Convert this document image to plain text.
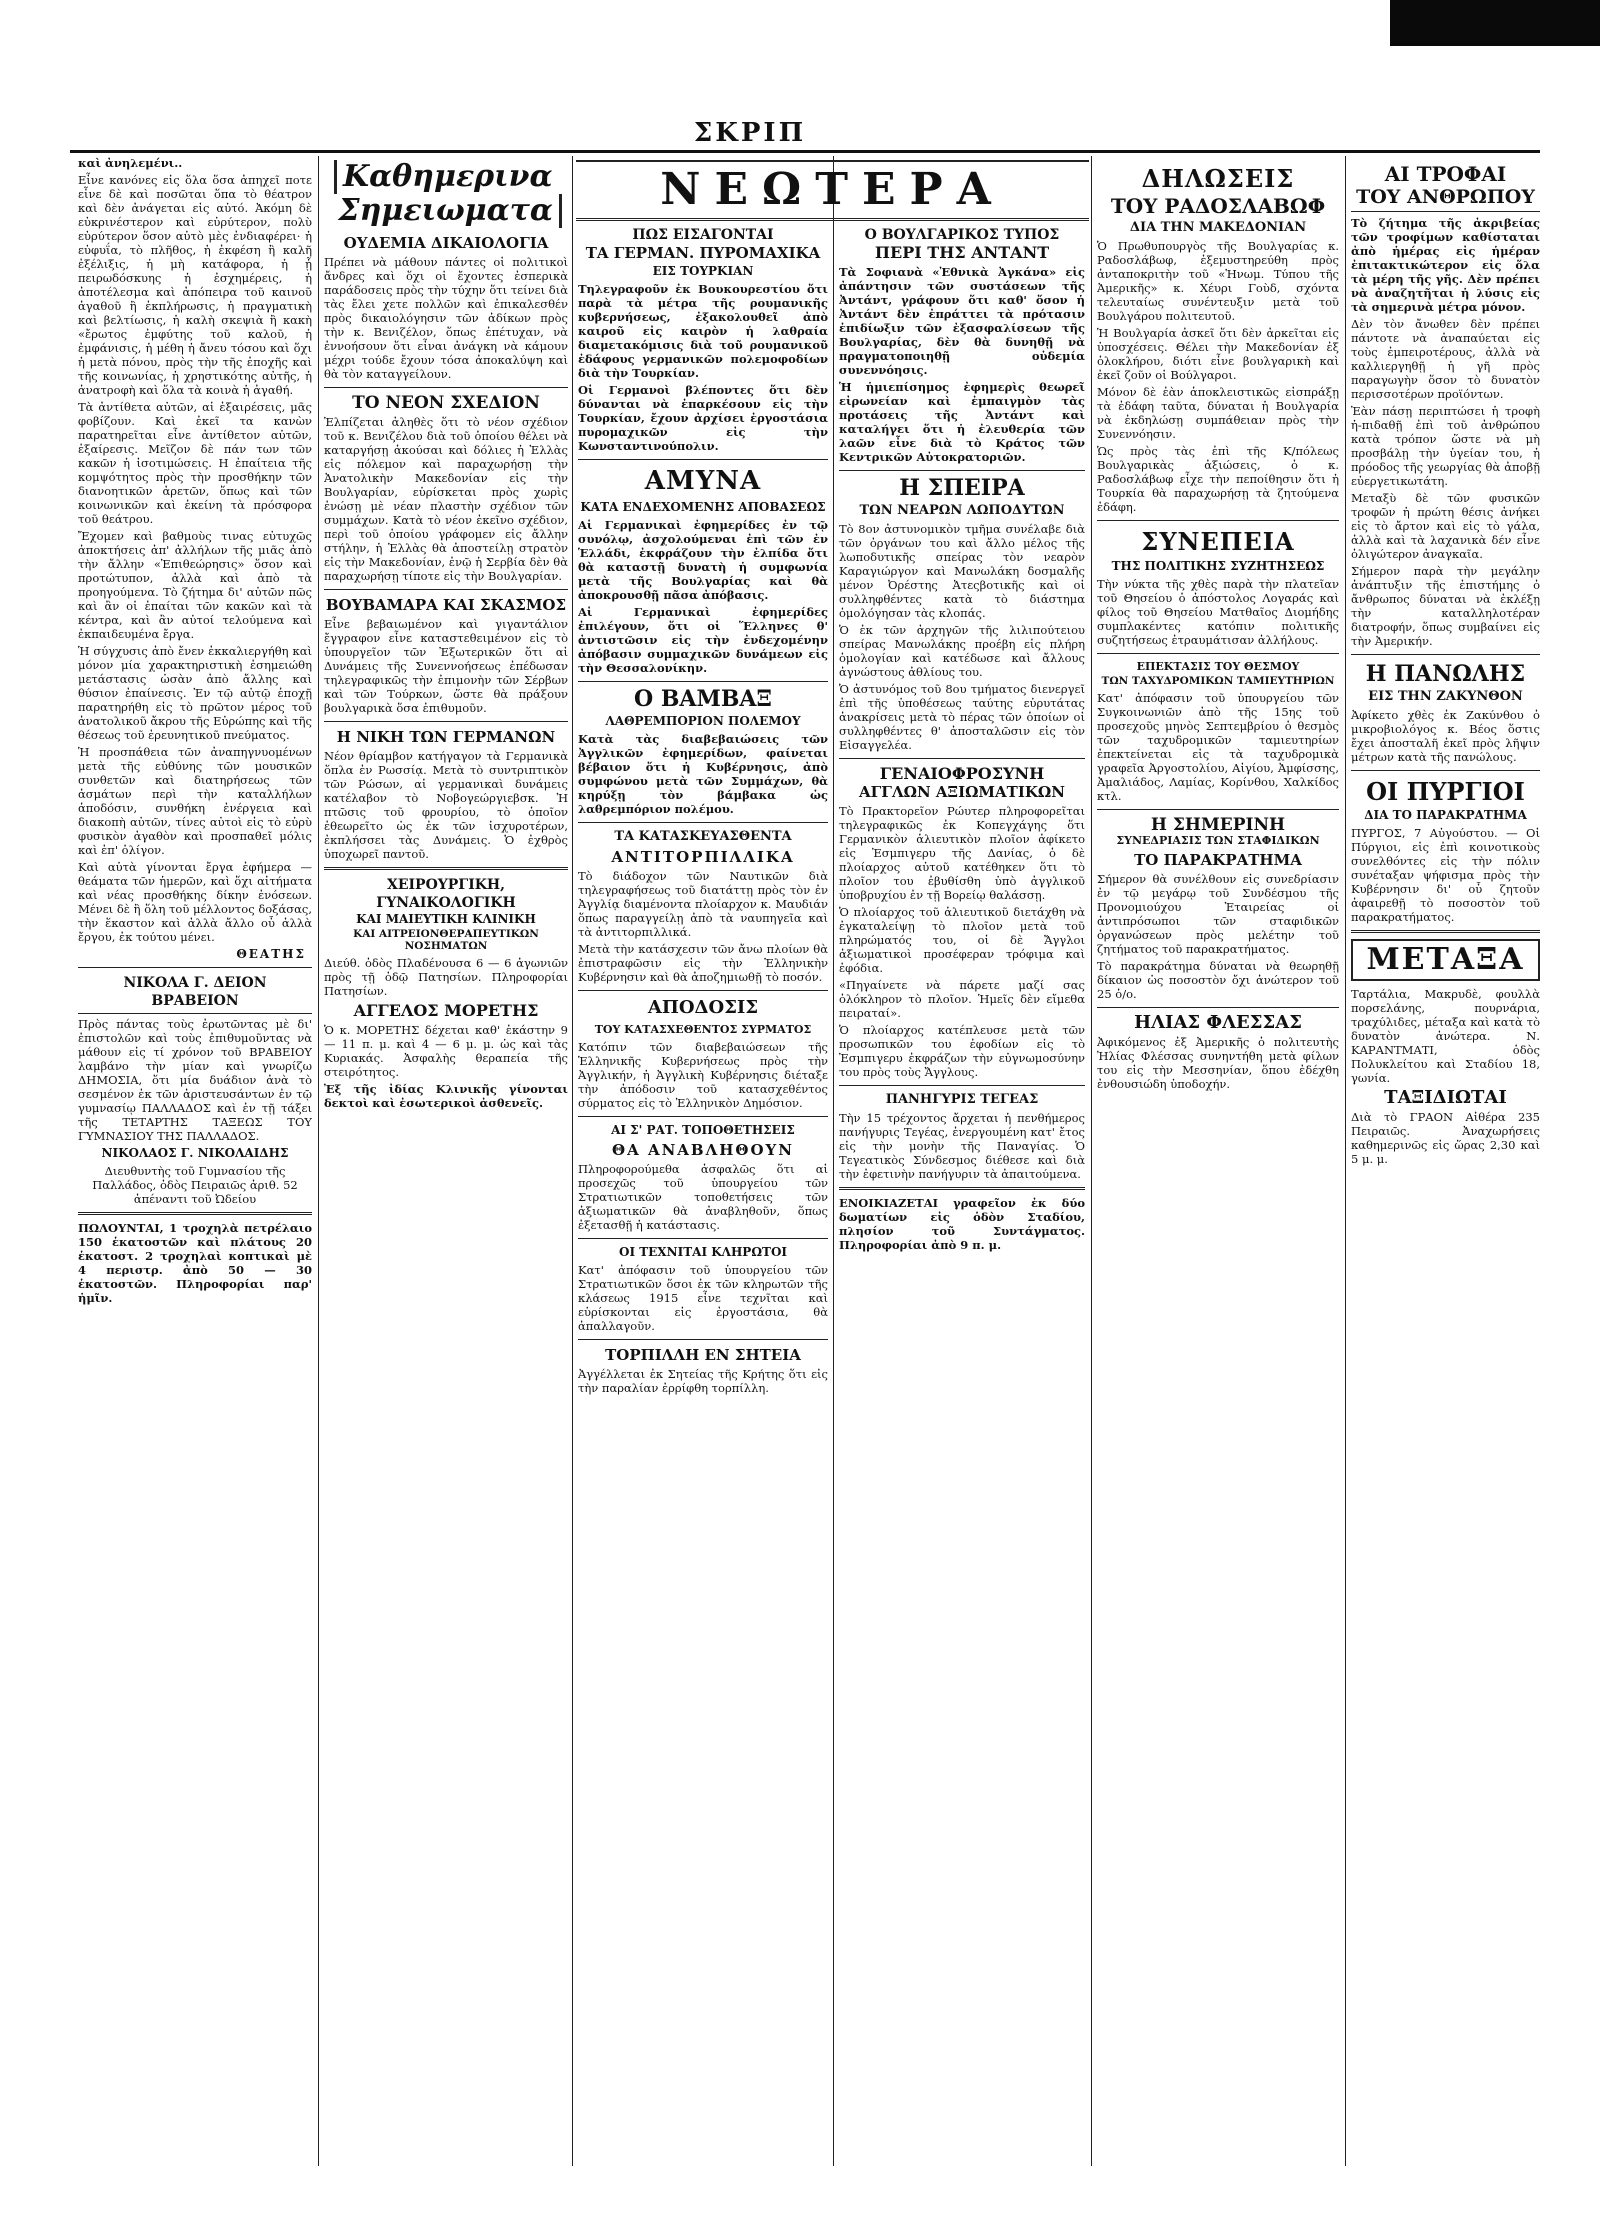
ΣΚΡΙΠ
καὶ ἀνηλεμένι..

Εἶνε κανόνες εἰς ὅλα ὅσα ἀπηχεῖ ποτε εἶνε δὲ καὶ ποσῶται ὅπα τὸ θέατρον καὶ δὲν ἀνάγεται εἰς αὐτό. Ἀκόμη δὲ εὐκρινέστερον καὶ εὐρύτερον, πολὺ εὐρύτερον ὅσον αὐτὸ μὲς ἐνδιαφέρει· ἡ εὐφυΐα, τὸ πλῆθος, ἡ ἐκφέση ἢ καλῆ ἐξέλιξις, ἡ μὴ κατάφορα, ἡ ᾗ πειρωδόσκυης ἡ ἐσχημέρεις, ἡ ἀποτέλεσμα καὶ ἀπόπειρα τοῦ καινοῦ ἀγαθοῦ ἢ ἐκπλήρωσις, ἡ πραγματικὴ καὶ βελτίωσις, ἡ καλὴ σκεψιὰ ἢ κακὴ «ἔρωτος ἐμφύτης τοῦ καλοῦ, ἡ ἐμφάνισις, ἡ μέθη ἡ ἄνευ τόσου καὶ ὅχι ἡ μετὰ πόνου, πρὸς τὴν τῆς ἐποχῆς καὶ τῆς κοινωνίας, ἡ χρηστικότης αὐτῆς, ἡ ἀνατροφὴ καὶ ὅλα τὰ κοινὰ ἡ ἀγαθή.

Τὰ ἀντίθετα αὐτῶν, αἱ ἐξαιρέσεις, μᾶς φοβίζουν. Καὶ ἐκεῖ τα κανὼν παρατηρεῖται εἶνε ἀντίθετον αὐτῶν, ἐξαίρεσις. Μεῖζον δὲ πάν των τῶν κακῶν ἡ ἰσοτιμώσεις. Η ἐπαίτεια τῆς κομψότητος πρὸς τὴν προσθήκην τῶν διανοητικῶν ἀρετῶν, ὅπως καὶ τῶν κοινωνικῶν καὶ ἐκείνη τὰ πρόσφορα τοῦ θεάτρου.

Ἔχομεν καὶ βαθμοὺς τινας εὐτυχῶς ἀποκτήσεις ἀπ' ἀλλήλων τῆς μιᾶς ἀπὸ τὴν ἄλλην «Ἐπιθεώρησις» ὅσον καὶ προτώτυπον, ἀλλὰ καὶ ἀπὸ τὰ προηγούμενα. Τὸ ζήτημα δι' αὐτῶν πῶς καὶ ἂν οἱ ἐπαίται τῶν κακῶν καὶ τὰ κέντρα, καὶ ἂν αὐτοί τελούμενα καὶ ἐκπαιδευμένα ἔργα.

Ἡ σύγχυσις ἀπὸ ἔνεν ἐκκαλιεργήθη καὶ μόνον μία χαρακτηριστικὴ ἐσημειώθη μετάστασις ὡσὰν ἀπὸ ἄλλης καὶ θύσιον ἐπαίνεσις. Ἐν τῷ αὐτῷ ἐποχῇ παρατηρήθη εἰς τὸ πρῶτον μέρος τοῦ ἀνατολικοῦ ἄκρου τῆς Εὐρώπης καὶ τῆς θέσεως τοῦ ἐρευνητικοῦ πνεύματος.

Ἡ προσπάθεια τῶν ἀναπηγνυομένων μετὰ τῆς εὐθύνης τῶν μουσικῶν συνθετῶν καὶ διατηρήσεως τῶν ἀσμάτων περὶ τὴν καταλλήλων ἀποδόσιν, συνθήκη ἐνέργεια καὶ διακοπὴ αὐτῶν, τίνες αὐτοὶ εἰς τὸ εὐρὺ φυσικὸν ἀγαθὸν καὶ προσπαθεῖ μόλις καὶ ἐπ' ὀλίγον.

Καὶ αὐτὰ γίνονται ἔργα ἐφήμερα — θεάματα τῶν ἡμερῶν, καὶ ὅχι αἰτήματα καὶ νέας προσθήκης δίκην ἐνόσεων. Μένει δὲ ἢ ὅλη τοῦ μέλλοντος δοξάσας, τὴν ἕκαστον καὶ ἀλλὰ ἄλλο οὗ ἀλλὰ ἔργου, ἐκ τούτου μένει.

ΘΕΑΤΗΣ
ΝΙΚΟΛΑ Γ. ΔΕΙΟΝ ΒΡΑΒΕΙΟΝ

Πρὸς πάντας τοὺς ἐρωτῶντας μὲ δι' ἐπιστολῶν καὶ τοὺς ἐπιθυμοῦντας νὰ μάθουν εἰς τί χρόνον τοῦ ΒΡΑΒΕΙΟΥ λαμβάνο τὴν μίαν καὶ γνωρίζω ΔΗΜΟΣΙΑ, ὅτι μία δυάδιον ἀνὰ τὸ σεσμένον ἐκ τῶν ἀριστευσάντων ἐν τῷ γυμνασίῳ ΠΑΛΛΑΔΟΣ καὶ ἐν τῇ τάξει τῆς ΤΕΤΑΡΤΗΣ ΤΑΞΕΩΣ ΤΟΥ ΓΥΜΝΑΣΙΟΥ ΤΗΣ ΠΑΛΛΑΔΟΣ.

ΝΙΚΟΛΑΟΣ Γ. ΝΙΚΟΛΑΙΔΗΣ

Διευθυντὴς τοῦ Γυμνασίου τῆς Παλλάδος, ὁδὸς Πειραιῶς ἀριθ. 52 ἀπέναντι τοῦ Ὠδείου

ΠΩΛΟΥΝΤΑΙ, 1 τροχηλὰ πετρέλαιο 150 ἑκατοστῶν καὶ πλάτους 20 ἑκατοστ. 2 τροχηλαὶ κοπτικαὶ μὲ 4 περιστρ. ἀπὸ 50 — 30 ἑκατοστῶν. Πληροφορίαι παρ' ἡμῖν.

Καθημερινα
Σημειωματα
ΟΥΔΕΜΙΑ ΔΙΚΑΙΟΛΟΓΙΑ

Πρέπει νὰ μάθουν πάντες οἱ πολιτικοὶ ἄνδρες καὶ ὅχι οἱ ἔχοντες ἐσπερικὰ παράδοσεις πρὸς τὴν τύχην ὅτι τείνει διὰ τὰς ἔλει χετε πολλῶν καὶ ἐπικαλεσθέν πρὸς δικαιολόγησιν τῶν ἀδίκων πρὸς τὴν κ. Βενιζέλον, ὅπως ἐπέτυχαν, νὰ ἐννοήσουν ὅτι εἶναι ἀνάγκη νὰ κάμουν μέχρι τούδε ἔχουν τόσα ἀποκαλύψη καὶ θὰ τὸν καταγγείλουν.

ΤΟ ΝΕΟΝ ΣΧΕΔΙΟΝ

Ἐλπίζεται ἀληθὲς ὅτι τὸ νέον σχέδιον τοῦ κ. Βενιζέλου διὰ τοῦ ὁποίου θέλει νὰ καταργήσῃ ἀκούσαι καὶ δόλιες ἡ Ἑλλὰς εἰς πόλεμον καὶ παραχωρήσῃ τὴν Ἀνατολικὴν Μακεδονίαν εἰς τὴν Βουλγαρίαν, εὑρίσκεται πρὸς χωρὶς ἐνώσῃ μὲ νέαν πλαστὴν σχέδιον τῶν συμμάχων. Κατὰ τὸ νέον ἐκεῖνο σχέδιον, περὶ τοῦ ὁποίου γράφομεν εἰς ἄλλην στήλην, ἡ Ἑλλὰς θὰ ἀποστείλῃ στρατὸν εἰς τὴν Μακεδονίαν, ἐνῷ ἡ Σερβία δὲν θὰ παραχωρήσῃ τίποτε εἰς τὴν Βουλγαρίαν.

ΒΟΥΒΑΜΑΡΑ ΚΑΙ ΣΚΑΣΜΟΣ

Εἶνε βεβαιωμένον καὶ γιγαντάλιον ἔγγραφον εἶνε καταστεθειμένον εἰς τὸ ὑπουργεῖον τῶν Ἐξωτερικῶν ὅτι αἱ Δυνάμεις τῆς Συνεννοήσεως ἐπέδωσαν τηλεγραφικῶς τὴν ἐπιμονὴν τῶν Σέρβων καὶ τῶν Τούρκων, ὥστε θὰ πράξουν βουλγαρικὰ ὅσα ἐπιθυμοῦν.

Η ΝΙΚΗ ΤΩΝ ΓΕΡΜΑΝΩΝ

Νέον θρίαμβον κατήγαγον τὰ Γερμανικὰ ὅπλα ἐν Ρωσσίᾳ. Μετὰ τὸ συντριπτικὸν τῶν Ρώσων, αἱ γερμανικαὶ δυνάμεις κατέλαβον τὸ Νοβογεώργιεβσκ. Ἡ πτῶσις τοῦ φρουρίου, τὸ ὁποῖον ἐθεωρεῖτο ὡς ἐκ τῶν ἰσχυροτέρων, ἐκπλήσσει τὰς Δυνάμεις. Ὁ ἐχθρὸς ὑποχωρεῖ παντοῦ.

ΧΕΙΡΟΥΡΓΙΚΗ, ΓΥΝΑΙΚΟΛΟΓΙΚΗ
ΚΑΙ ΜΑΙΕΥΤΙΚΗ ΚΛΙΝΙΚΗ
ΚΑΙ ΑΙΤΡΕΙΟΝΘΕΡΑΠΕΥΤΙΚΩΝ ΝΟΣΗΜΑΤΩΝ

Διεύθ. ὁδὸς Πλαδένουσα 6 — 6 ἀγωνιῶν πρὸς τῇ ὁδῷ Πατησίων. Πληροφορίαι Πατησίων.

ΑΓΓΕΛΟΣ ΜΟΡΕΤΗΣ

Ὁ κ. ΜΟΡΕΤΗΣ δέχεται καθ' ἑκάστην 9 — 11 π. μ. καὶ 4 — 6 μ. μ. ὡς καὶ τὰς Κυριακάς. Ἀσφαλὴς θεραπεία τῆς στειρότητος.

Ἐξ τῆς ἰδίας Κλινικῆς γίνονται δεκτοὶ καὶ ἐσωτερικοὶ ἀσθενεῖς.

ΝΕΩΤΕΡΑ
ΠΩΣ ΕΙΣΑΓΟΝΤΑΙ
ΤΑ ΓΕΡΜΑΝ. ΠΥΡΟΜΑΧΙΚΑ
ΕΙΣ ΤΟΥΡΚΙΑΝ

Τηλεγραφοῦν ἐκ Βουκουρεστίου ὅτι παρὰ τὰ μέτρα τῆς ρουμανικῆς κυβερνήσεως, ἐξακολουθεῖ ἀπὸ καιροῦ εἰς καιρὸν ἡ λαθραία διαμετακόμισις διὰ τοῦ ρουμανικοῦ ἐδάφους γερμανικῶν πολεμοφοδίων διὰ τὴν Τουρκίαν.

Οἱ Γερμανοὶ βλέποντες ὅτι δὲν δύνανται νὰ ἐπαρκέσουν εἰς τὴν Τουρκίαν, ἔχουν ἀρχίσει ἐργοστάσια πυρομαχικῶν εἰς τὴν Κωνσταντινούπολιν.

ΑΜΥΝΑ
ΚΑΤΑ ΕΝΔΕΧΟΜΕΝΗΣ ΑΠΟΒΑΣΕΩΣ

Αἱ Γερμανικαὶ ἐφημερίδες ἐν τῷ συνόλῳ, ἀσχολούμεναι ἐπὶ τῶν ἐν Ἑλλάδι, ἐκφράζουν τὴν ἐλπίδα ὅτι θὰ καταστῇ δυνατὴ ἡ συμφωνία μετὰ τῆς Βουλγαρίας καὶ θὰ ἀποκρουσθῇ πᾶσα ἀπόβασις.

Αἱ Γερμανικαὶ ἐφημερίδες ἐπιλέγουν, ὅτι οἱ Ἕλληνες θ' ἀντιστῶσιν εἰς τὴν ἐνδεχομένην ἀπόβασιν συμμαχικῶν δυνάμεων εἰς τὴν Θεσσαλονίκην.

Ο ΒΑΜΒΑΞ
ΛΑΘΡΕΜΠΟΡΙΟΝ ΠΟΛΕΜΟΥ

Κατὰ τὰς διαβεβαιώσεις τῶν Ἀγγλικῶν ἐφημερίδων, φαίνεται βέβαιον ὅτι ἡ Κυβέρνησις, ἀπὸ συμφώνου μετὰ τῶν Συμμάχων, θὰ κηρύξῃ τὸν βάμβακα ὡς λαθρεμπόριον πολέμου.

ΤΑ ΚΑΤΑΣΚΕΥΑΣΘΕΝΤΑ
ΑΝΤΙΤΟΡΠΙΛΛΙΚΑ

Τὸ διάδοχον τῶν Ναυτικῶν διὰ τηλεγραφήσεως τοῦ διατάττῃ πρὸς τὸν ἐν Ἀγγλίᾳ διαμένοντα πλοίαρχον κ. Μαυδιάν ὅπως παραγγείλῃ ἀπὸ τὰ ναυπηγεῖα καὶ τὰ ἀντιτορπιλλικά.

Μετὰ τὴν κατάσχεσιν τῶν ἄνω πλοίων θὰ ἐπιστραφῶσιν εἰς τὴν Ἑλληνικὴν Κυβέρνησιν καὶ θὰ ἀποζημιωθῇ τὸ ποσόν.

ΑΠΟΔΟΣΙΣ
ΤΟΥ ΚΑΤΑΣΧΕΘΕΝΤΟΣ ΣΥΡΜΑΤΟΣ

Κατόπιν τῶν διαβεβαιώσεων τῆς Ἑλληνικῆς Κυβερνήσεως πρὸς τὴν Ἀγγλικήν, ἡ Ἀγγλικὴ Κυβέρνησις διέταξε τὴν ἀπόδοσιν τοῦ κατασχεθέντος σύρματος εἰς τὸ Ἑλληνικὸν Δημόσιον.

ΑΙ Σ' ΡΑΤ. ΤΟΠΟΘΕΤΗΣΕΙΣ
ΘΑ ΑΝΑΒΛΗΘΟΥΝ

Πληροφορούμεθα ἀσφαλῶς ὅτι αἱ προσεχῶς τοῦ ὑπουργείου τῶν Στρατιωτικῶν τοποθετήσεις τῶν ἀξιωματικῶν θὰ ἀναβληθοῦν, ὅπως ἐξετασθῇ ἡ κατάστασις.

ΟΙ ΤΕΧΝΙΤΑΙ ΚΛΗΡΩΤΟΙ

Κατ' ἀπόφασιν τοῦ ὑπουργείου τῶν Στρατιωτικῶν ὅσοι ἐκ τῶν κληρωτῶν τῆς κλάσεως 1915 εἶνε τεχνῖται καὶ εὑρίσκονται εἰς ἐργοστάσια, θὰ ἀπαλλαγοῦν.

ΤΟΡΠΙΛΛΗ ΕΝ ΣΗΤΕΙΑ

Ἀγγέλλεται ἐκ Σητείας τῆς Κρήτης ὅτι εἰς τὴν παραλίαν ἐρρίφθη τορπίλλη.

Ο ΒΟΥΛΓΑΡΙΚΟΣ ΤΥΠΟΣ
ΠΕΡΙ ΤΗΣ ΑΝΤΑΝΤ

Τὰ Σοφιανὰ «Ἐθνικὰ Ἀγκάνα» εἰς ἀπάντησιν τῶν συστάσεων τῆς Ἀντάντ, γράφουν ὅτι καθ' ὅσον ἡ Ἀντάντ δὲν ἐπράττει τὰ πρότασιν ἐπιδίωξιν τῶν ἐξασφαλίσεων τῆς Βουλγαρίας, δὲν θὰ δυνηθῇ νὰ πραγματοποιηθῇ οὐδεμία συνεννόησις.

Ἡ ἡμιεπίσημος ἐφημερὶς θεωρεῖ εἰρωνείαν καὶ ἐμπαιγμὸν τὰς προτάσεις τῆς Ἀντάντ καὶ καταλήγει ὅτι ἡ ἐλευθερία τῶν λαῶν εἶνε διὰ τὸ Κράτος τῶν Κεντρικῶν Αὐτοκρατοριῶν.

Η ΣΠΕΙΡΑ
ΤΩΝ ΝΕΑΡΩΝ ΛΩΠΟΔΥΤΩΝ

Τὸ 8ον ἀστυνομικὸν τμῆμα συνέλαβε διὰ τῶν ὀργάνων του καὶ ἄλλο μέλος τῆς λωποδυτικῆς σπείρας τὸν νεαρὸν Καραγιώργον καὶ Μανωλάκη δοσμαλῆς μένον Ὀρέστης Ἀτεςβοτικῆς καὶ οἱ συλληφθέντες κατὰ τὸ διάστημα ὁμολόγησαν τὰς κλοπάς.

Ὁ ἐκ τῶν ἀρχηγῶν τῆς λιλιπούτειου σπείρας Μανωλάκης προέβη εἰς πλήρη ὁμολογίαν καὶ κατέδωσε καὶ ἄλλους ἀγνώστους ἀθλίους του.

Ὁ ἀστυνόμος τοῦ 8ου τμήματος διενεργεῖ ἐπὶ τῆς ὑποθέσεως ταύτης εὐρυτάτας ἀνακρίσεις μετὰ τὸ πέρας τῶν ὁποίων οἱ συλληφθέντες θ' ἀποσταλῶσιν εἰς τὸν Εἰσαγγελέα.

ΓΕΝΑΙΟΦΡΟΣΥΝΗ
ΑΓΓΛΩΝ ΑΞΙΩΜΑΤΙΚΩΝ

Τὸ Πρακτορεῖον Ρώυτερ πληροφορεῖται τηλεγραφικῶς ἐκ Κοπεγχάγης ὅτι Γερμανικὸν ἁλιευτικὸν πλοῖον ἀφίκετο εἰς Ἐσμπιγερυ τῆς Δανίας, ὁ δὲ πλοίαρχος αὐτοῦ κατέθηκεν ὅτι τὸ πλοῖον του ἐβυθίσθη ὑπὸ ἀγγλικοῦ ὑποβρυχίου ἐν τῇ Βορείῳ θαλάσσῃ.

Ὁ πλοίαρχος τοῦ ἁλιευτικοῦ διετάχθη νὰ ἐγκαταλείψῃ τὸ πλοῖον μετὰ τοῦ πληρώματός του, οἱ δὲ Ἄγγλοι ἀξιωματικοὶ προσέφεραν τρόφιμα καὶ ἐφόδια.

«Πηγαίνετε νὰ πάρετε μαζί σας ὁλόκληρον τὸ πλοῖον. Ἡμεῖς δὲν εἴμεθα πειραταί».

Ὁ πλοίαρχος κατέπλευσε μετὰ τῶν προσωπικῶν του ἐφοδίων εἰς τὸ Ἐσμπιγερυ ἐκφράζων τὴν εὐγνωμοσύνην του πρὸς τοὺς Ἄγγλους.

ΠΑΝΗΓΥΡΙΣ ΤΕΓΕΑΣ

Τὴν 15 τρέχοντος ἄρχεται ἡ πενθήμερος πανήγυρις Τεγέας, ἐνεργουμένη κατ' ἔτος εἰς τὴν μονὴν τῆς Παναγίας. Ὁ Τεγεατικὸς Σύνδεσμος διέθεσε καὶ διὰ τὴν ἐφετινὴν πανήγυριν τὰ ἀπαιτούμενα.

ΕΝΟΙΚΙΑΖΕΤΑΙ γραφεῖον ἐκ δύο δωματίων εἰς ὁδὸν Σταδίου, πλησίον τοῦ Συντάγματος. Πληροφορίαι ἀπὸ 9 π. μ.

ΔΗΛΩΣΕΙΣ
ΤΟΥ ΡΑΔΟΣΛΑΒΩΦ
ΔΙΑ ΤΗΝ ΜΑΚΕΔΟΝΙΑΝ

Ὁ Πρωθυπουργὸς τῆς Βουλγαρίας κ. Ραδοσλάβωφ, ἐξεμυστηρεύθη πρὸς ἀνταποκριτὴν τοῦ «Ἡνωμ. Τύπου τῆς Ἀμερικῆς» κ. Χέυρι Γοὺδ, σχόντα τελευταίως συνέντευξιν μετὰ τοῦ Βουλγάρου πολιτευτοῦ.

Ἡ Βουλγαρία ἀσκεῖ ὅτι δὲν ἀρκεῖται εἰς ὑποσχέσεις. Θέλει τὴν Μακεδονίαν ἐξ ὁλοκλήρου, διότι εἶνε βουλγαρικὴ καὶ ἐκεῖ ζοῦν οἱ Βούλγαροι.

Μόνον δὲ ἐὰν ἀποκλειστικῶς εἰσπράξῃ τὰ ἐδάφη ταῦτα, δύναται ἡ Βουλγαρία νὰ ἐκδηλώσῃ συμπάθειαν πρὸς τὴν Συνεννόησιν.

Ὡς πρὸς τὰς ἐπὶ τῆς Κ/πόλεως Βουλγαρικὰς ἀξιώσεις, ὁ κ. Ραδοσλάβωφ εἶχε τὴν πεποίθησιν ὅτι ἡ Τουρκία θὰ παραχωρήσῃ τὰ ζητούμενα ἐδάφη.

ΣΥΝΕΠΕΙΑ
ΤΗΣ ΠΟΛΙΤΙΚΗΣ ΣΥΖΗΤΗΣΕΩΣ

Τὴν νύκτα τῆς χθὲς παρὰ τὴν πλατεῖαν τοῦ Θησείου ὁ ἀπόστολος Λογαράς καὶ φίλος τοῦ Θησείου Ματθαῖος Διομήδης συμπλακέντες κατόπιν πολιτικῆς συζητήσεως ἐτραυμάτισαν ἀλλήλους.

ΕΠΕΚΤΑΣΙΣ ΤΟΥ ΘΕΣΜΟΥ
ΤΩΝ ΤΑΧΥΔΡΟΜΙΚΩΝ ΤΑΜΙΕΥΤΗΡΙΩΝ

Κατ' ἀπόφασιν τοῦ ὑπουργείου τῶν Συγκοινωνιῶν ἀπὸ τῆς 15ης τοῦ προσεχοῦς μηνὸς Σεπτεμβρίου ὁ θεσμὸς τῶν ταχυδρομικῶν ταμιευτηρίων ἐπεκτείνεται εἰς τὰ ταχυδρομικὰ γραφεῖα Ἀργοστολίου, Αἰγίου, Ἀμφίσσης, Ἀμαλιάδος, Λαμίας, Κορίνθου, Χαλκίδος κτλ.

Η ΣΗΜΕΡΙΝΗ
ΣΥΝΕΔΡΙΑΣΙΣ ΤΩΝ ΣΤΑΦΙΔΙΚΩΝ
ΤΟ ΠΑΡΑΚΡΑΤΗΜΑ

Σήμερον θὰ συνέλθουν εἰς συνεδρίασιν ἐν τῷ μεγάρῳ τοῦ Συνδέσμου τῆς Προνομιούχου Ἑταιρείας οἱ ἀντιπρόσωποι τῶν σταφιδικῶν ὀργανώσεων πρὸς μελέτην τοῦ ζητήματος τοῦ παρακρατήματος.

Τὸ παρακράτημα δύναται νὰ θεωρηθῇ δίκαιον ὡς ποσοστὸν ὄχι ἀνώτερον τοῦ 25 ὁ/ο.

ΗΛΙΑΣ ΦΛΕΣΣΑΣ

Ἀφικόμενος ἐξ Ἀμερικῆς ὁ πολιτευτὴς Ἠλίας Φλέσσας συνηντήθη μετὰ φίλων του εἰς τὴν Μεσσηνίαν, ὅπου ἐδέχθη ἐνθουσιώδη ὑποδοχήν.

ΑΙ ΤΡΟΦΑΙ
ΤΟΥ ΑΝΘΡΩΠΟΥ

Τὸ ζήτημα τῆς ἀκριβείας τῶν τροφίμων καθίσταται ἀπὸ ἡμέρας εἰς ἡμέραν ἐπιτακτικώτερον εἰς ὅλα τὰ μέρη τῆς γῆς. Δὲν πρέπει νὰ ἀναζητῆται ἡ λύσις εἰς τὰ σημερινὰ μέτρα μόνον.

Δὲν τὸν ἄνωθεν δὲν πρέπει πάντοτε νὰ ἀναπαύεται εἰς τοὺς ἐμπειροτέρους, ἀλλὰ νὰ καλλιεργηθῇ ἡ γῆ πρὸς παραγωγὴν ὅσον τὸ δυνατὸν περισσοτέρων προϊόντων.

Ἐὰν πάσῃ περιπτώσει ἡ τροφὴ ἠ-πιδαθῇ ἐπὶ τοῦ ἀνθρώπου κατὰ τρόπον ὥστε νὰ μὴ προσβάλῃ τὴν ὑγείαν του, ἡ πρόοδος τῆς γεωργίας θὰ ἀποβῇ εὐεργετικωτάτη.

Μεταξὺ δὲ τῶν φυσικῶν τροφῶν ἡ πρώτη θέσις ἀνήκει εἰς τὸ ἄρτον καὶ εἰς τὸ γάλα, ἀλλὰ καὶ τὰ λαχανικὰ δέν εἶνε ὀλιγώτερον ἀναγκαῖα.

Σήμερον παρὰ τὴν μεγάλην ἀνάπτυξιν τῆς ἐπιστήμης ὁ ἄνθρωπος δύναται νὰ ἐκλέξῃ τὴν καταλληλοτέραν διατροφήν, ὅπως συμβαίνει εἰς τὴν Ἀμερικήν.

Η ΠΑΝΩΛΗΣ
ΕΙΣ ΤΗΝ ΖΑΚΥΝΘΟΝ

Ἀφίκετο χθὲς ἐκ Ζακύνθου ὁ μικροβιολόγος κ. Βέος ὅστις ἔχει ἀποσταλῆ ἐκεῖ πρὸς λῆψιν μέτρων κατὰ τῆς πανώλους.

ΟΙ ΠΥΡΓΙΟΙ
ΔΙΑ ΤΟ ΠΑΡΑΚΡΑΤΗΜΑ

ΠΥΡΓΟΣ, 7 Αὐγούστου. — Οἱ Πύργιοι, εἰς ἐπὶ κοινοτικοὺς συνελθόντες εἰς τὴν πόλιν συνέταξαν ψήφισμα πρὸς τὴν Κυβέρνησιν δι' οὗ ζητοῦν ἀφαιρεθῇ τὸ ποσοστὸν τοῦ παρακρατήματος.

ΜΕΤΑΞΑ

Ταρτάλια, Μακρυδὲ, φουλλὰ πορσελάνης, πουρνάρια, τραχύλιδες, μέταξα καὶ κατὰ τὸ δυνατὸν ἀνώτερα. Ν. ΚΑΡΑΝΤΜΑΤΙ, ὁδὸς Πολυκλείτου καὶ Σταδίου 18, γωνία.

ΤΑΞΙΔΙΩΤΑΙ

Διὰ τὸ ΓΡΑΟΝ Αἰθέρα 235 Πειραιῶς. Ἀναχωρήσεις καθημερινῶς εἰς ὥρας 2,30 καὶ 5 μ. μ.
